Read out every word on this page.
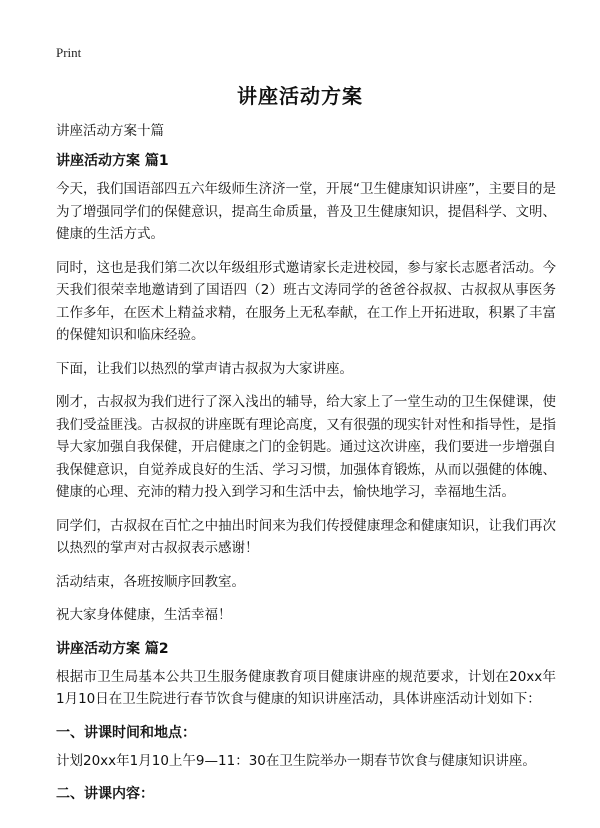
Print
讲座活动方案

讲座活动方案十篇

讲座活动方案 篇1

今天，我们国语部四五六年级师生济济一堂，开展“卫生健康知识讲座”，主要目的是为了增强同学们的保健意识，提高生命质量，普及卫生健康知识，提倡科学、文明、健康的生活方式。

同时，这也是我们第二次以年级组形式邀请家长走进校园，参与家长志愿者活动。今天我们很荣幸地邀请到了国语四（2）班古文涛同学的爸爸谷叔叔、古叔叔从事医务工作多年，在医术上精益求精，在服务上无私奉献，在工作上开拓进取，积累了丰富的保健知识和临床经验。

下面，让我们以热烈的掌声请古叔叔为大家讲座。

刚才，古叔叔为我们进行了深入浅出的辅导，给大家上了一堂生动的卫生保健课，使我们受益匪浅。古叔叔的讲座既有理论高度，又有很强的现实针对性和指导性，是指导大家加强自我保健，开启健康之门的金钥匙。通过这次讲座，我们要进一步增强自我保健意识，自觉养成良好的生活、学习习惯，加强体育锻炼，从而以强健的体魄、健康的心理、充沛的精力投入到学习和生活中去，愉快地学习，幸福地生活。

同学们，古叔叔在百忙之中抽出时间来为我们传授健康理念和健康知识，让我们再次以热烈的掌声对古叔叔表示感谢！

活动结束，各班按顺序回教室。

祝大家身体健康，生活幸福！

讲座活动方案 篇2

根据市卫生局基本公共卫生服务健康教育项目健康讲座的规范要求，计划在20xx年1月10日在卫生院进行春节饮食与健康的知识讲座活动，具体讲座活动计划如下：

一、讲课时间和地点：

计划20xx年1月10上午9—11：30在卫生院举办一期春节饮食与健康知识讲座。

二、讲课内容：
